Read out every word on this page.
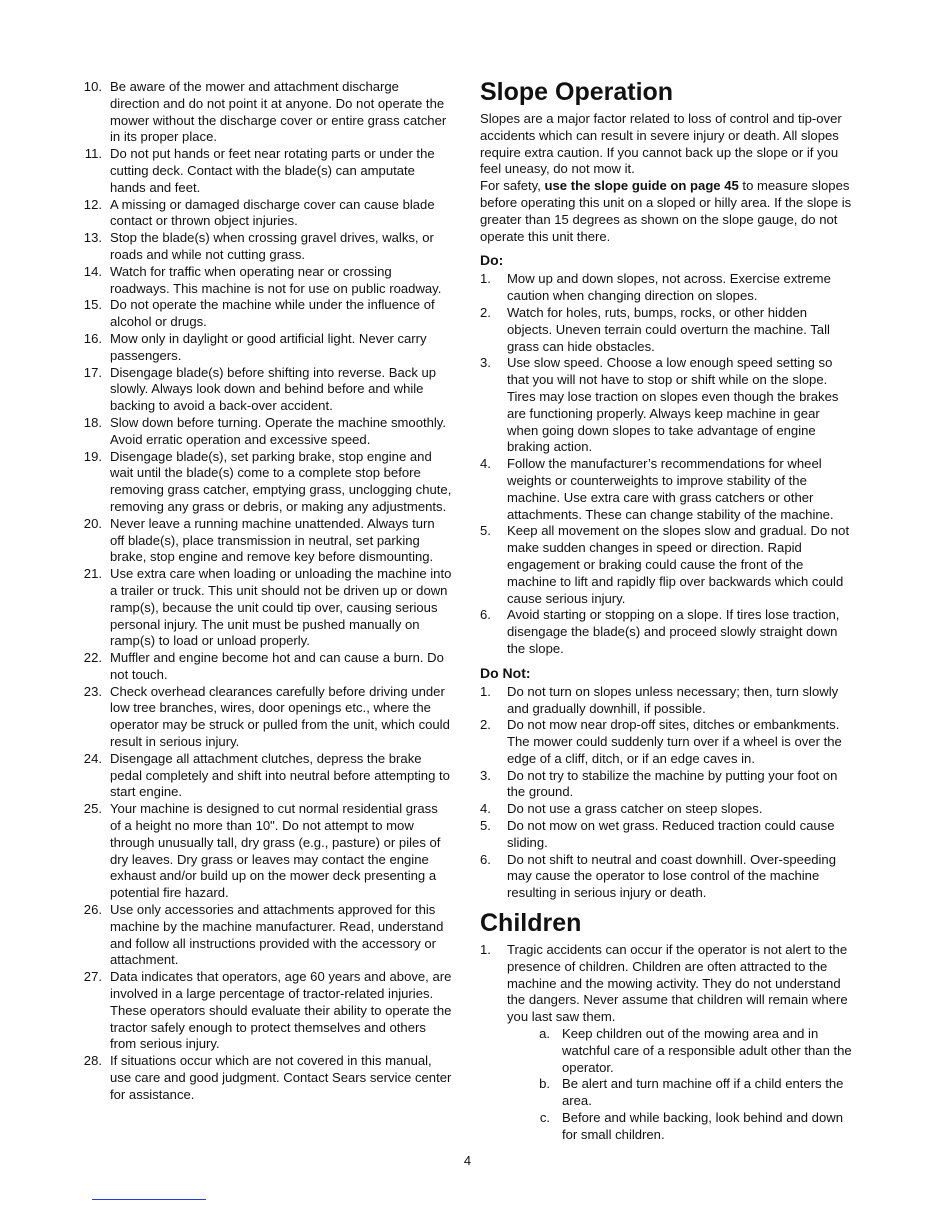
10. Be aware of the mower and attachment discharge direction and do not point it at anyone. Do not operate the mower without the discharge cover or entire grass catcher in its proper place.
11. Do not put hands or feet near rotating parts or under the cutting deck. Contact with the blade(s) can amputate hands and feet.
12. A missing or damaged discharge cover can cause blade contact or thrown object injuries.
13. Stop the blade(s) when crossing gravel drives, walks, or roads and while not cutting grass.
14. Watch for traffic when operating near or crossing roadways. This machine is not for use on public roadway.
15. Do not operate the machine while under the influence of alcohol or drugs.
16. Mow only in daylight or good artificial light. Never carry passengers.
17. Disengage blade(s) before shifting into reverse. Back up slowly. Always look down and behind before and while backing to avoid a back-over accident.
18. Slow down before turning. Operate the machine smoothly. Avoid erratic operation and excessive speed.
19. Disengage blade(s), set parking brake, stop engine and wait until the blade(s) come to a complete stop before removing grass catcher, emptying grass, unclogging chute, removing any grass or debris, or making any adjustments.
20. Never leave a running machine unattended. Always turn off blade(s), place transmission in neutral, set parking brake, stop engine and remove key before dismounting.
21. Use extra care when loading or unloading the machine into a trailer or truck. This unit should not be driven up or down ramp(s), because the unit could tip over, causing serious personal injury. The unit must be pushed manually on ramp(s) to load or unload properly.
22. Muffler and engine become hot and can cause a burn. Do not touch.
23. Check overhead clearances carefully before driving under low tree branches, wires, door openings etc., where the operator may be struck or pulled from the unit, which could result in serious injury.
24. Disengage all attachment clutches, depress the brake pedal completely and shift into neutral before attempting to start engine.
25. Your machine is designed to cut normal residential grass of a height no more than 10". Do not attempt to mow through unusually tall, dry grass (e.g., pasture) or piles of dry leaves. Dry grass or leaves may contact the engine exhaust and/or build up on the mower deck presenting a potential fire hazard.
26. Use only accessories and attachments approved for this machine by the machine manufacturer. Read, understand and follow all instructions provided with the accessory or attachment.
27. Data indicates that operators, age 60 years and above, are involved in a large percentage of tractor-related injuries. These operators should evaluate their ability to operate the tractor safely enough to protect themselves and others from serious injury.
28. If situations occur which are not covered in this manual, use care and good judgment. Contact Sears service center for assistance.
Slope Operation

Slopes are a major factor related to loss of control and tip-over accidents which can result in severe injury or death. All slopes require extra caution. If you cannot back up the slope or if you feel uneasy, do not mow it.

For safety, use the slope guide on page 45 to measure slopes before operating this unit on a sloped or hilly area. If the slope is greater than 15 degrees as shown on the slope gauge, do not operate this unit there.

Do:
1.	Mow up and down slopes, not across. Exercise extreme caution when changing direction on slopes.
2.	Watch for holes, ruts, bumps, rocks, or other hidden objects. Uneven terrain could overturn the machine. Tall grass can hide obstacles.
3.	Use slow speed. Choose a low enough speed setting so that you will not have to stop or shift while on the slope. Tires may lose traction on slopes even though the brakes are functioning properly. Always keep machine in gear when going down slopes to take advantage of engine braking action.
4.	Follow the manufacturer’s recommendations for wheel weights or counterweights to improve stability of the machine. Use extra care with grass catchers or other attachments. These can change stability of the machine.
5.	Keep all movement on the slopes slow and gradual. Do not make sudden changes in speed or direction. Rapid engagement or braking could cause the front of the machine to lift and rapidly flip over backwards which could cause serious injury.
6.	Avoid starting or stopping on a slope. If tires lose traction, disengage the blade(s) and proceed slowly straight down the slope.
Do Not:
1.	Do not turn on slopes unless necessary; then, turn slowly and gradually downhill, if possible.
2.	Do not mow near drop-off sites, ditches or embankments. The mower could suddenly turn over if a wheel is over the edge of a cliff, ditch, or if an edge caves in.
3.	Do not try to stabilize the machine by putting your foot on the ground.
4.	Do not use a grass catcher on steep slopes.
5.	Do not mow on wet grass. Reduced traction could cause sliding.
6.	Do not shift to neutral and coast downhill. Over-speeding may cause the operator to lose control of the machine resulting in serious injury or death.
Children
1.	Tragic accidents can occur if the operator is not alert to the presence of children. Children are often attracted to the machine and the mowing activity. They do not understand the dangers. Never assume that children will remain where you last saw them.
a. Keep children out of the mowing area and in watchful care of a responsible adult other than the operator.
b. Be alert and turn machine off if a child enters the area.
c. Before and while backing, look behind and down for small children.
4
